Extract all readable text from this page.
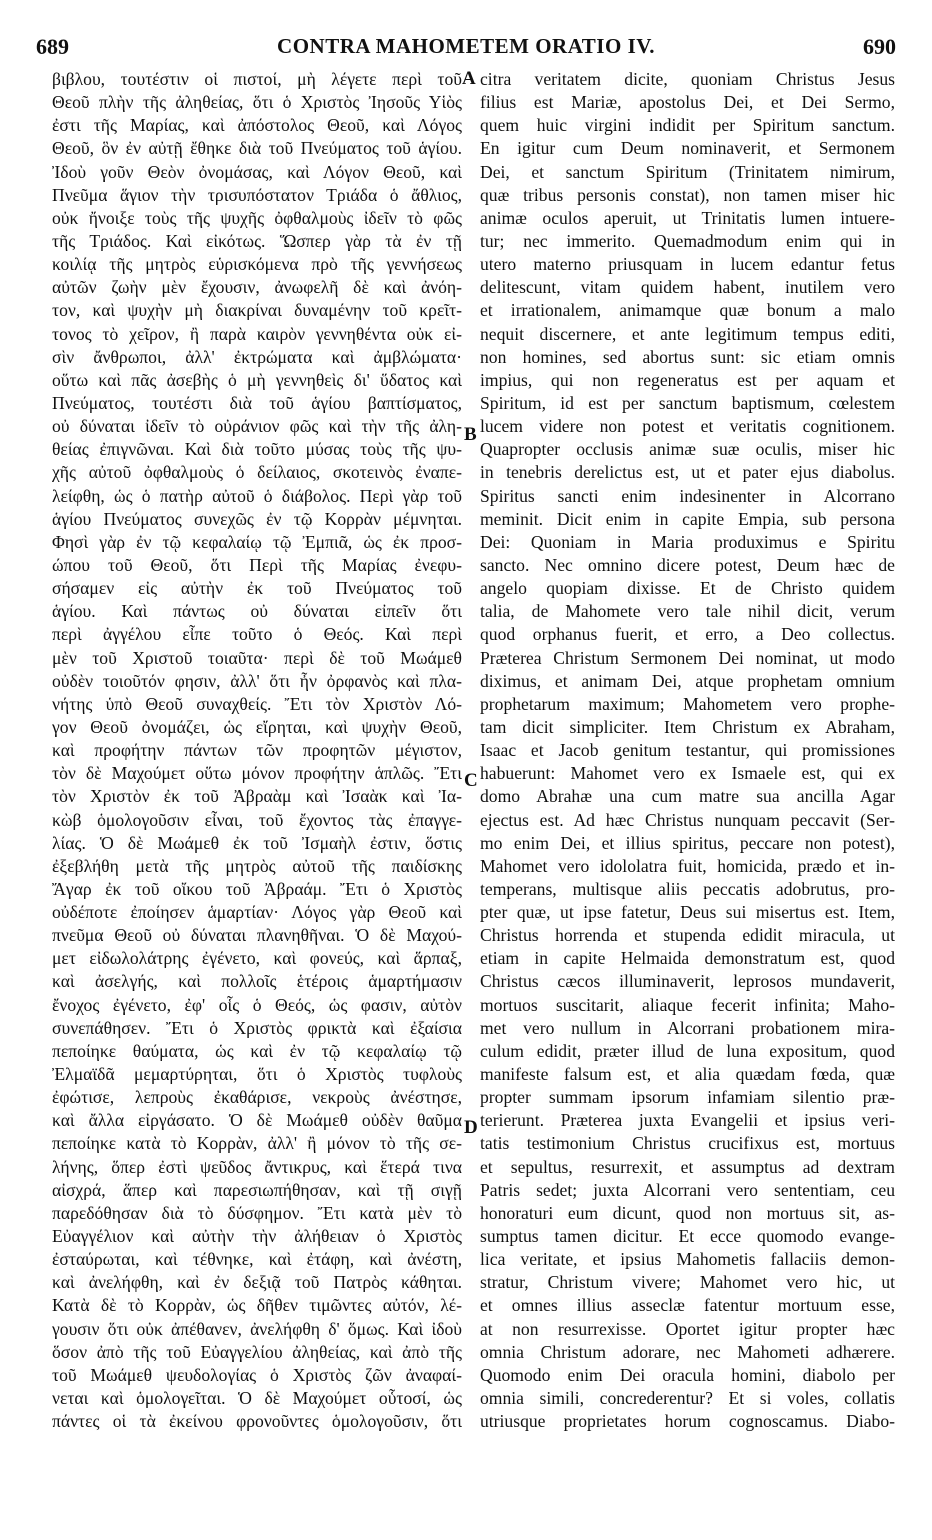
689	CONTRA MAHOMETEM ORATIO IV.	690
βιβλου, τουτέστιν οἱ πιστοί, μὴ λέγετε περὶ τοῦ
Θεοῦ πλὴν τῆς ἀληθείας, ὅτι ὁ Χριστὸς Ἰησοῦς Υἱὸς
ἐστι τῆς Μαρίας, καὶ ἀπόστολος Θεοῦ, καὶ Λόγος
Θεοῦ, ὃν ἐν αὐτῇ ἔθηκε διὰ τοῦ Πνεύματος τοῦ ἁγίου.
Ἰδοὺ γοῦν Θεὸν ὀνομάσας, καὶ Λόγον Θεοῦ, καὶ
Πνεῦμα ἅγιον τὴν τρισυπόστατον Τριάδα ὁ ἄθλιος,
οὐκ ἤνοιξε τοὺς τῆς ψυχῆς ὀφθαλμοὺς ἰδεῖν τὸ φῶς
τῆς Τριάδος. Καὶ εἰκότως. Ὥσπερ γὰρ τὰ ἐν τῇ
κοιλίᾳ τῆς μητρὸς εὑρισκόμενα πρὸ τῆς γεννήσεως
αὐτῶν ζωὴν μὲν ἔχουσιν, ἀνωφελῆ δὲ καὶ ἀνόη-
τον, καὶ ψυχὴν μὴ διακρίναι δυναμένην τοῦ κρεῖτ-
τονος τὸ χεῖρον, ἢ παρὰ καιρὸν γεννηθέντα οὐκ εἰ-
σὶν ἄνθρωποι, ἀλλ' ἐκτρώματα καὶ ἀμβλώματα·
οὕτω καὶ πᾶς ἀσεβὴς ὁ μὴ γεννηθεὶς δι' ὕδατος καὶ
Πνεύματος, τουτέστι διὰ τοῦ ἁγίου βαπτίσματος,
οὐ δύναται ἰδεῖν τὸ οὐράνιον φῶς καὶ τὴν τῆς ἀλη-
θείας ἐπιγνῶναι. Καὶ διὰ τοῦτο μύσας τοὺς τῆς ψυ-
χῆς αὐτοῦ ὀφθαλμοὺς ὁ δείλαιος, σκοτεινὸς ἐναπε-
λείφθη, ὡς ὁ πατὴρ αὐτοῦ ὁ διάβολος. Περὶ γὰρ τοῦ
ἁγίου Πνεύματος συνεχῶς ἐν τῷ Κορρὰν μέμνηται.
Φησὶ γὰρ ἐν τῷ κεφαλαίῳ τῷ Ἐμπιᾶ, ὡς ἐκ προσ-
ώπου τοῦ Θεοῦ, ὅτι Περὶ τῆς Μαρίας ἐνεφυ-
σήσαμεν εἰς αὐτὴν ἐκ τοῦ Πνεύματος τοῦ
ἁγίου. Καὶ πάντως οὐ δύναται εἰπεῖν ὅτι
περὶ ἀγγέλου εἶπε τοῦτο ὁ Θεός. Καὶ περὶ
μὲν τοῦ Χριστοῦ τοιαῦτα· περὶ δὲ τοῦ Μωάμεθ
οὐδὲν τοιοῦτόν φησιν, ἀλλ' ὅτι ἦν ὀρφανὸς καὶ πλα-
νήτης ὑπὸ Θεοῦ συναχθείς. Ἔτι τὸν Χριστὸν Λό-
γον Θεοῦ ὀνομάζει, ὡς εἴρηται, καὶ ψυχὴν Θεοῦ,
καὶ προφήτην πάντων τῶν προφητῶν μέγιστον,
τὸν δὲ Μαχούμετ οὕτω μόνον προφήτην ἁπλῶς. Ἔτι
τὸν Χριστὸν ἐκ τοῦ Ἀβραὰμ καὶ Ἰσαὰκ καὶ Ἰα-
κὼβ ὁμολογοῦσιν εἶναι, τοῦ ἔχοντος τὰς ἐπαγγε-
λίας. Ὁ δὲ Μωάμεθ ἐκ τοῦ Ἰσμαὴλ ἐστιν, ὅστις
ἐξεβλήθη μετὰ τῆς μητρὸς αὐτοῦ τῆς παιδίσκης
Ἄγαρ ἐκ τοῦ οἴκου τοῦ Ἀβραάμ. Ἔτι ὁ Χριστὸς
οὐδέποτε ἐποίησεν ἁμαρτίαν· Λόγος γὰρ Θεοῦ καὶ
πνεῦμα Θεοῦ οὐ δύναται πλανηθῆναι. Ὁ δὲ Μαχού-
μετ εἰδωλολάτρης ἐγένετο, καὶ φονεύς, καὶ ἅρπαξ,
καὶ ἀσελγής, καὶ πολλοῖς ἑτέροις ἁμαρτήμασιν
ἔνοχος ἐγένετο, ἐφ' οἷς ὁ Θεός, ὡς φασιν, αὐτὸν
συνεπάθησεν. Ἔτι ὁ Χριστὸς φρικτὰ καὶ ἐξαίσια
πεποίηκε θαύματα, ὡς καὶ ἐν τῷ κεφαλαίῳ τῷ
Ἐλμαϊδᾶ μεμαρτύρηται, ὅτι ὁ Χριστὸς τυφλοὺς
ἐφώτισε, λεπροὺς ἐκαθάρισε, νεκροὺς ἀνέστησε,
καὶ ἄλλα εἰργάσατο. Ὁ δὲ Μωάμεθ οὐδὲν θαῦμα
πεποίηκε κατὰ τὸ Κορρὰν, ἀλλ' ἢ μόνον τὸ τῆς σε-
λήνης, ὅπερ ἐστὶ ψεῦδος ἄντικρυς, καὶ ἕτερά τινα
αἰσχρά, ἅπερ καὶ παρεσιωπήθησαν, καὶ τῇ σιγῇ
παρεδόθησαν διὰ τὸ δύσφημον. Ἔτι κατὰ μὲν τὸ
Εὐαγγέλιον καὶ αὐτὴν τὴν ἀλήθειαν ὁ Χριστὸς
ἐσταύρωται, καὶ τέθνηκε, καὶ ἐτάφη, καὶ ἀνέστη,
καὶ ἀνελήφθη, καὶ ἐν δεξιᾷ τοῦ Πατρὸς κάθηται.
Κατὰ δὲ τὸ Κορρὰν, ὡς δῆθεν τιμῶντες αὐτόν, λέ-
γουσιν ὅτι οὐκ ἀπέθανεν, ἀνελήφθη δ' ὅμως. Καὶ ἰδοὺ
ὅσον ἀπὸ τῆς τοῦ Εὐαγγελίου ἀληθείας, καὶ ἀπὸ τῆς
τοῦ Μωάμεθ ψευδολογίας ὁ Χριστὸς ζῶν ἀναφαί-
νεται καὶ ὁμολογεῖται. Ὁ δὲ Μαχούμετ οὗτοσί, ὡς
πάντες οἱ τὰ ἐκείνου φρονοῦντες ὁμολογοῦσιν, ὅτι
citra veritatem dicite, quoniam Christus Jesus
filius est Mariæ, apostolus Dei, et Dei Sermo,
quem huic virgini indidit per Spiritum sanctum.
En igitur cum Deum nominaverit, et Sermonem
Dei, et sanctum Spiritum (Trinitatem nimirum,
quæ tribus personis constat), non tamen miser hic
animæ oculos aperuit, ut Trinitatis lumen intuere-
tur; nec immerito. Quemadmodum enim qui in
utero materno priusquam in lucem edantur fetus
delitescunt, vitam quidem habent, inutilem vero
et irrationalem, animamque quæ bonum a malo
nequit discernere, et ante legitimum tempus editi,
non homines, sed abortus sunt: sic etiam omnis
impius, qui non regeneratus est per aquam et
Spiritum, id est per sanctum baptismum, cœlestem
lucem videre non potest et veritatis cognitionem.
Quapropter occlusis animæ suæ oculis, miser hic
in tenebris derelictus est, ut et pater ejus diabolus.
Spiritus sancti enim indesinenter in Alcorrano
meminit. Dicit enim in capite Empia, sub persona
Dei: Quoniam in Maria produximus e Spiritu
sancto. Nec omnino dicere potest, Deum hæc de
angelo quopiam dixisse. Et de Christo quidem
talia, de Mahomete vero tale nihil dicit, verum
quod orphanus fuerit, et erro, a Deo collectus.
Præterea Christum Sermonem Dei nominat, ut modo
diximus, et animam Dei, atque prophetam omnium
prophetarum maximum; Mahometem vero prophe-
tam dicit simpliciter. Item Christum ex Abraham,
Isaac et Jacob genitum testantur, qui promissiones
habuerunt: Mahomet vero ex Ismaele est, qui ex
domo Abrahæ una cum matre sua ancilla Agar
ejectus est. Ad hæc Christus nunquam peccavit (Ser-
mo enim Dei, et illius spiritus, peccare non potest),
Mahomet vero idololatra fuit, homicida, prædo et in-
temperans, multisque aliis peccatis adobrutus, pro-
pter quæ, ut ipse fatetur, Deus sui misertus est. Item,
Christus horrenda et stupenda edidit miracula, ut
etiam in capite Helmaida demonstratum est, quod
Christus cæcos illuminaverit, leprosos mundaverit,
mortuos suscitarit, aliaque fecerit infinita; Maho-
met vero nullum in Alcorrani probationem mira-
culum edidit, præter illud de luna expositum, quod
manifeste falsum est, et alia quædam fœda, quæ
propter summam ipsorum infamiam silentio præ-
terierunt. Præterea juxta Evangelii et ipsius veri-
tatis testimonium Christus crucifixus est, mortuus
et sepultus, resurrexit, et assumptus ad dextram
Patris sedet; juxta Alcorrani vero sententiam, ceu
honoraturi eum dicunt, quod non mortuus sit, as-
sumptus tamen dicitur. Et ecce quomodo evange-
lica veritate, et ipsius Mahometis fallaciis demon-
stratur, Christum vivere; Mahomet vero hic, ut
et omnes illius asseclæ fatentur mortuum esse,
at non resurrexisse. Oportet igitur propter hæc
omnia Christum adorare, nec Mahometi adhærere.
Quomodo enim Dei oracula homini, diabolo per
omnia simili, concrederentur? Et si voles, collatis
utriusque proprietates horum cognoscamus. Diabo-
A
B
C
D
